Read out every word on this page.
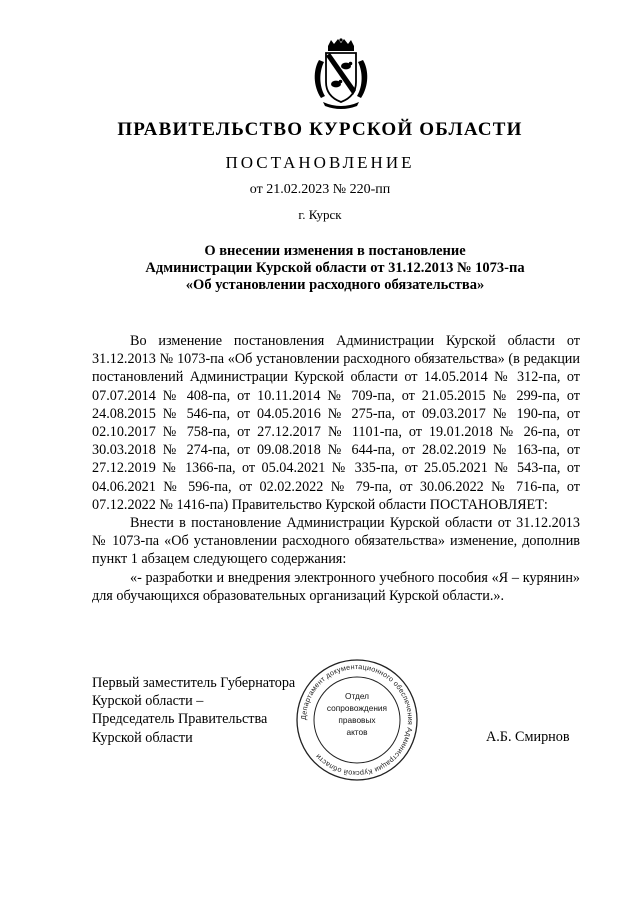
ПРАВИТЕЛЬСТВО КУРСКОЙ ОБЛАСТИ
ПОСТАНОВЛЕНИЕ
от 21.02.2023 № 220-пп
г. Курск
О внесении изменения в постановление
Администрации Курской области от 31.12.2013 № 1073-па
«Об установлении расходного обязательства»

Во изменение постановления Администрации Курской области от 31.12.2013 № 1073-па «Об установлении расходного обязательства» (в редакции постановлений Администрации Курской области от 14.05.2014 № 312-па, от 07.07.2014 № 408-па, от 10.11.2014 № 709-па, от 21.05.2015 № 299-па, от 24.08.2015 № 546-па, от 04.05.2016 № 275-па, от 09.03.2017 № 190-па, от 02.10.2017 № 758-па, от 27.12.2017 № 1101-па, от 19.01.2018 № 26-па, от 30.03.2018 № 274-па, от 09.08.2018 № 644-па, от 28.02.2019 № 163-па, от 27.12.2019 № 1366-па, от 05.04.2021 № 335-па, от 25.05.2021 № 543-па, от 04.06.2021 № 596-па, от 02.02.2022 № 79-па, от 30.06.2022 № 716-па, от 07.12.2022 № 1416-па) Правительство Курской области ПОСТАНОВЛЯЕТ:

Внести в постановление Администрации Курской области от 31.12.2013 № 1073-па «Об установлении расходного обязательства» изменение, дополнив пункт 1 абзацем следующего содержания:

«- разработки и внедрения электронного учебного пособия «Я – курянин» для обучающихся образовательных организаций Курской области.».

Первый заместитель Губернатора
Курской области –
Председатель Правительства
Курской области
Департамент документационного обеспечения Администрации Курской области
Отдел
сопровождения
правовых
актов	А.Б. Смирнов
